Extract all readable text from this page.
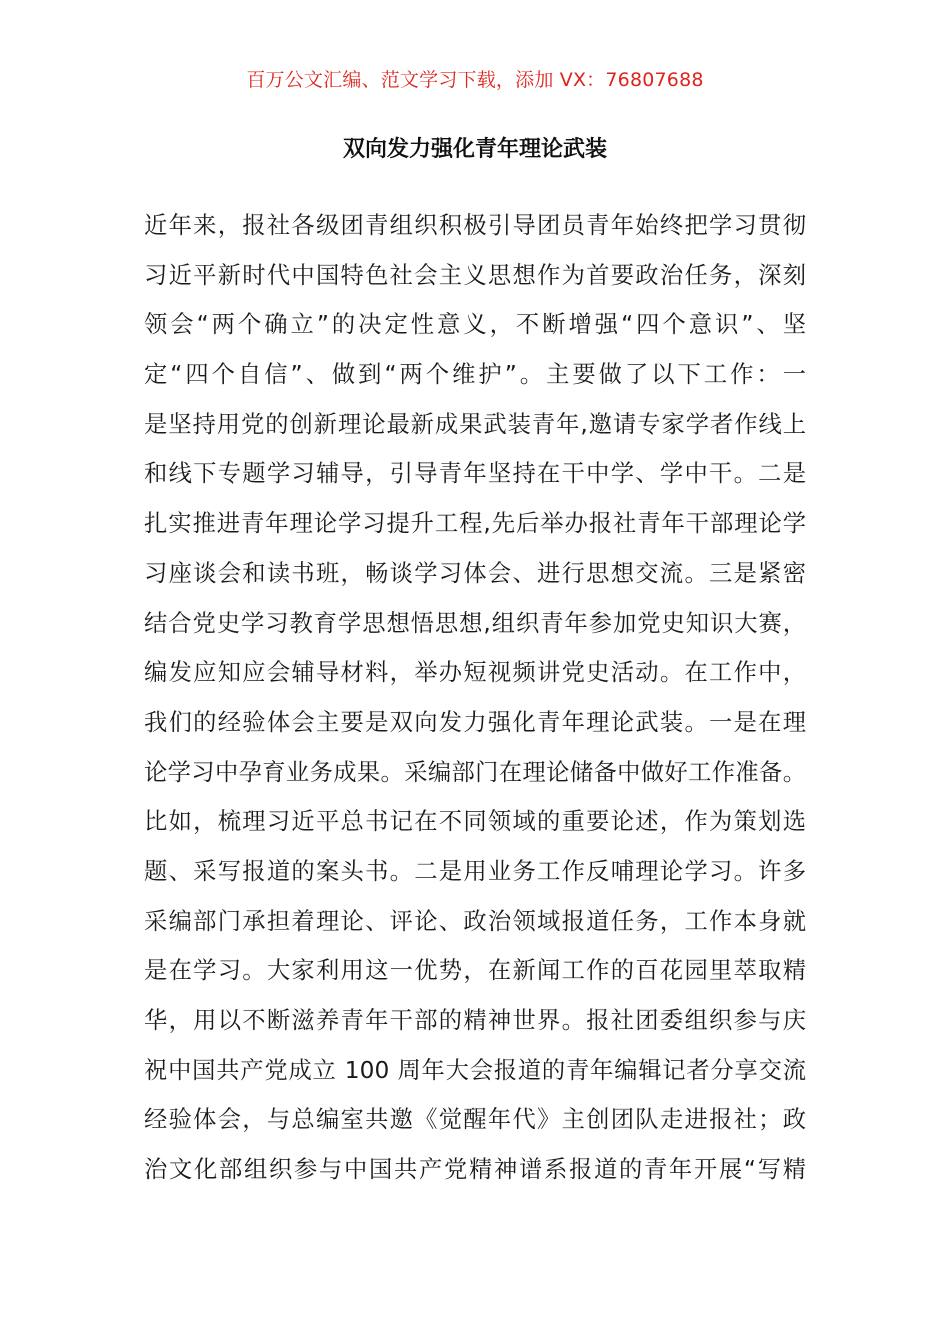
百万公文汇编、范文学习下载，添加 VX：76807688
双向发力强化青年理论武装
近年来，报社各级团青组织积极引导团员青年始终把学习贯彻
习近平新时代中国特色社会主义思想作为首要政治任务，深刻
领会“两个确立”的决定性意义，不断增强“四个意识”、坚
定“四个自信”、做到“两个维护”。主要做了以下工作：一
是坚持用党的创新理论最新成果武装青年,邀请专家学者作线上
和线下专题学习辅导，引导青年坚持在干中学、学中干。二是
扎实推进青年理论学习提升工程,先后举办报社青年干部理论学
习座谈会和读书班，畅谈学习体会、进行思想交流。三是紧密
结合党史学习教育学思想悟思想,组织青年参加党史知识大赛，
编发应知应会辅导材料，举办短视频讲党史活动。在工作中，
我们的经验体会主要是双向发力强化青年理论武装。一是在理
论学习中孕育业务成果。采编部门在理论储备中做好工作准备。
比如，梳理习近平总书记在不同领域的重要论述，作为策划选
题、采写报道的案头书。二是用业务工作反哺理论学习。许多
采编部门承担着理论、评论、政治领域报道任务，工作本身就
是在学习。大家利用这一优势，在新闻工作的百花园里萃取精
华，用以不断滋养青年干部的精神世界。报社团委组织参与庆
祝中国共产党成立 100 周年大会报道的青年编辑记者分享交流
经验体会，与总编室共邀《觉醒年代》主创团队走进报社；政
治文化部组织参与中国共产党精神谱系报道的青年开展“写精
